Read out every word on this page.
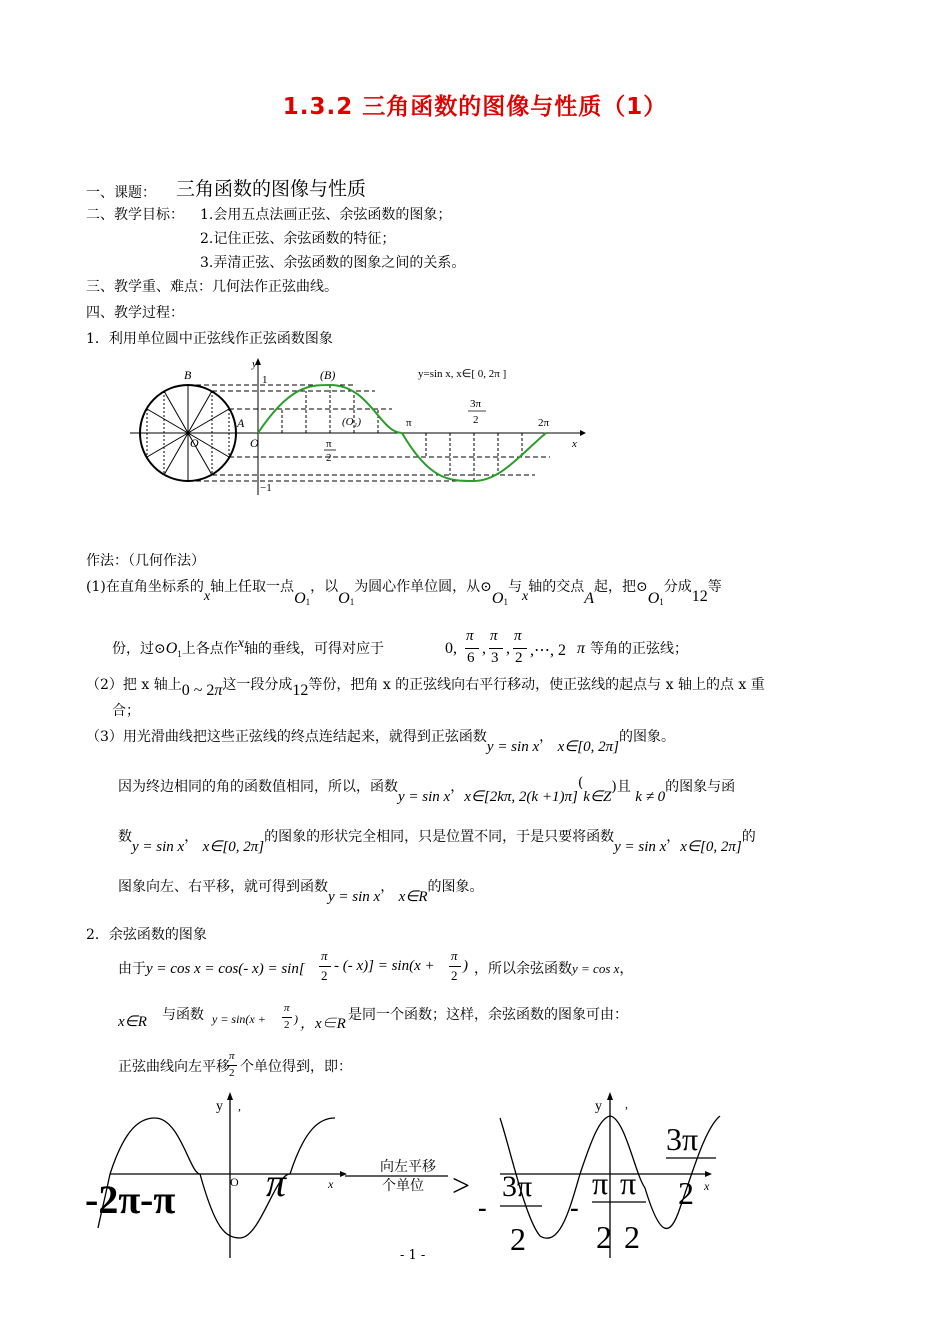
1.3.2 三角函数的图像与性质（1）
一、课题： 三角函数的图像与性质
二、教学目标： 1.会用五点法画正弦、余弦函数的图象；
2.记住正弦、余弦函数的特征；
3.弄清正弦、余弦函数的图象之间的关系。
三、教学重、难点：几何法作正弦曲线。
四、教学过程：
1．利用单位圆中正弦线作正弦函数图象
B
A
O
y
1
−1
O
(B)
(O₁)
π
2
π
3π
2	2π
x
y=sin x, x∈[ 0, 2π ]
作法：（几何作法）
(1)在直角坐标系的x轴上任取一点$O_1$，以$O_1$为圆心作单位圆，从$⊙O_1$与x轴的交点A起，把$⊙O_1$分成12等
份，过$⊙O_1$上各点作x轴的垂线，可得对应于	0,
π
6
,
π
3
,
π
2 ,⋯, 2 π 等角的正弦线；
（2）把 x 轴上0 ~ 2π这一段分成12等份，把角 x 的正弦线向右平行移动，使正弦线的起点与 x 轴上的点 x 重
合；
（3）用光滑曲线把这些正弦线的终点连结起来，就得到正弦函数y = sin x， x∈[0, 2π]的图象。
因为终边相同的角的函数值相同，所以，函数y = sin x，x∈[2kπ, 2(k +1)π](k∈Z)且 k ≠ 0的图象与函
数y = sin x， x∈[0, 2π]的图象的形状完全相同，只是位置不同，于是只要将函数y = sin x，x∈[0, 2π]的
图象向左、右平移，就可得到函数y = sin x， x∈R的图象。
2．余弦函数的图象
由于y = cos x = cos(- x) = sin[
π
2
- (- x)] = sin(x +
π
2
) ，所以余弦函数y = cos x，
x∈R 与函数 y = sin(x +
π
2 ) ，x∈R
是同一个函数；这样，余弦函数的图象可由：
正弦曲线向左平移
π
2 个单位得到，即：
y ,
O	x
-2π -π π	向左平移
个单位 >
y ,
x
-
3π
2
-
π π
2 2
3π
2
- 1 -
